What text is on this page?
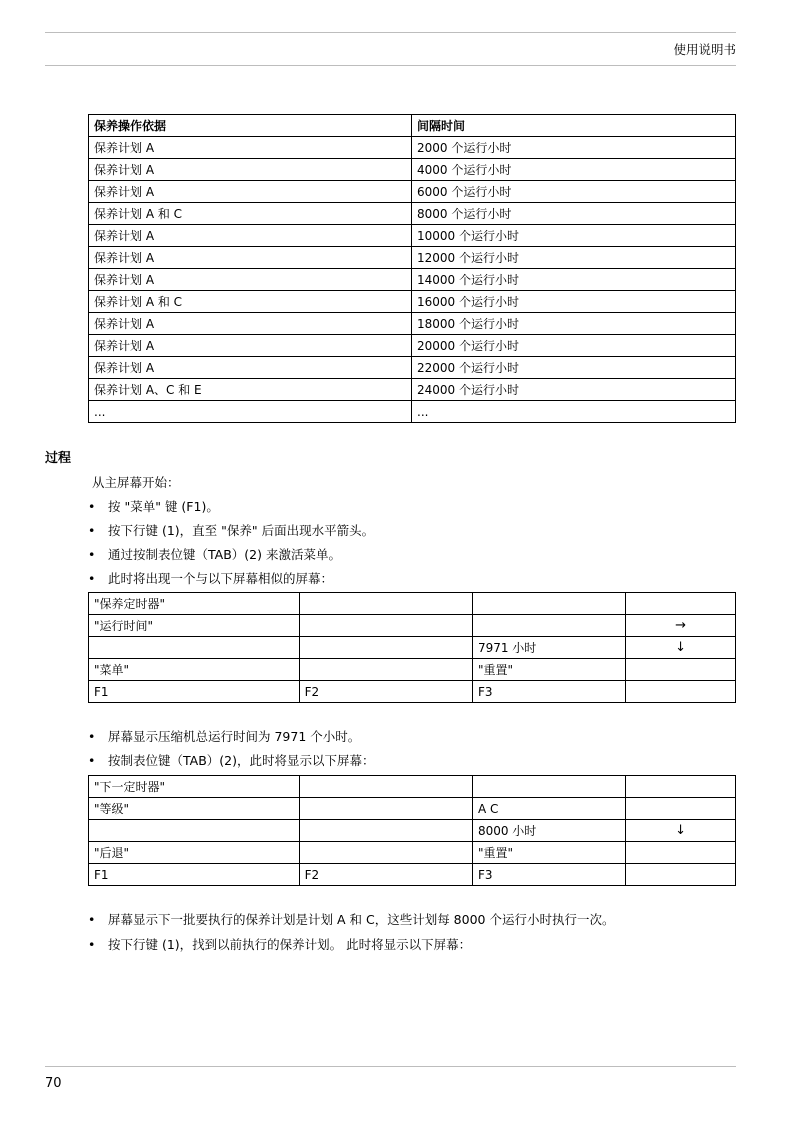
使用说明书
保养操作依据	间隔时间
保养计划 A	2000 个运行小时
保养计划 A	4000 个运行小时
保养计划 A	6000 个运行小时
保养计划 A 和 C	8000 个运行小时
保养计划 A	10000 个运行小时
保养计划 A	12000 个运行小时
保养计划 A	14000 个运行小时
保养计划 A 和 C	16000 个运行小时
保养计划 A	18000 个运行小时
保养计划 A	20000 个运行小时
保养计划 A	22000 个运行小时
保养计划 A、C 和 E	24000 个运行小时
...	...
过程
从主屏幕开始：
• 按 "菜单" 键 (F1)。
• 按下行键 (1)，直至 "保养" 后面出现水平箭头。
• 通过按制表位键（TAB）(2) 来激活菜单。
• 此时将出现一个与以下屏幕相似的屏幕：
"保养定时器"			
"运行时间"			→
		7971 小时	↓
"菜单"		"重置"	
F1	F2	F3	
• 屏幕显示压缩机总运行时间为 7971 个小时。
• 按制表位键（TAB）(2)，此时将显示以下屏幕：
"下一定时器"			
"等级"		A C	
		8000 小时	↓
"后退"		"重置"	
F1	F2	F3	
• 屏幕显示下一批要执行的保养计划是计划 A 和 C，这些计划每 8000 个运行小时执行一次。
• 按下行键 (1)，找到以前执行的保养计划。 此时将显示以下屏幕：
70
